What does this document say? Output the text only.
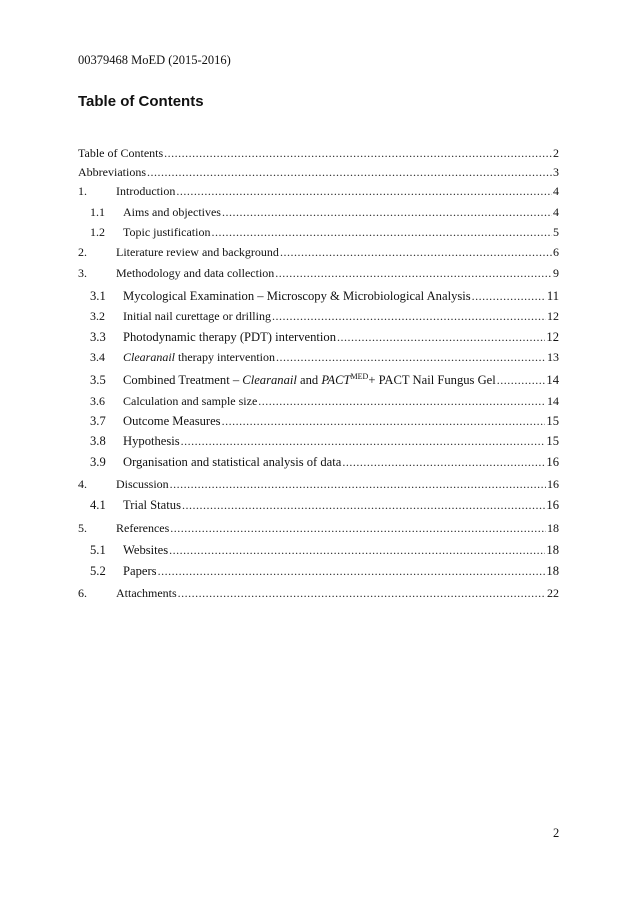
00379468 MoED (2015-2016)
Table of Contents
Table of Contents .....	2
Abbreviations .....	3
1.	Introduction .....	4
1.1	Aims and objectives .....	4
1.2	Topic justification .....	5
2.	Literature review and background .....	6
3.	Methodology and data collection .....	9
3.1	Mycological Examination – Microscopy & Microbiological Analysis .....	11
3.2	Initial nail curettage or drilling .....	12
3.3	Photodynamic therapy (PDT) intervention .....	12
3.4	Clearanail therapy intervention .....	13
3.5	Combined Treatment – Clearanail and $PACT^{MED}+$ PACT Nail Fungus Gel .....	14
3.6	Calculation and sample size .....	14
3.7	Outcome Measures .....	15
3.8	Hypothesis .....	15
3.9	Organisation and statistical analysis of data .....	16
4.	Discussion .....	16
4.1	Trial Status .....	16
5.	References .....	18
5.1	Websites .....	18
5.2	Papers .....	18
6.	Attachments .....	22
2
